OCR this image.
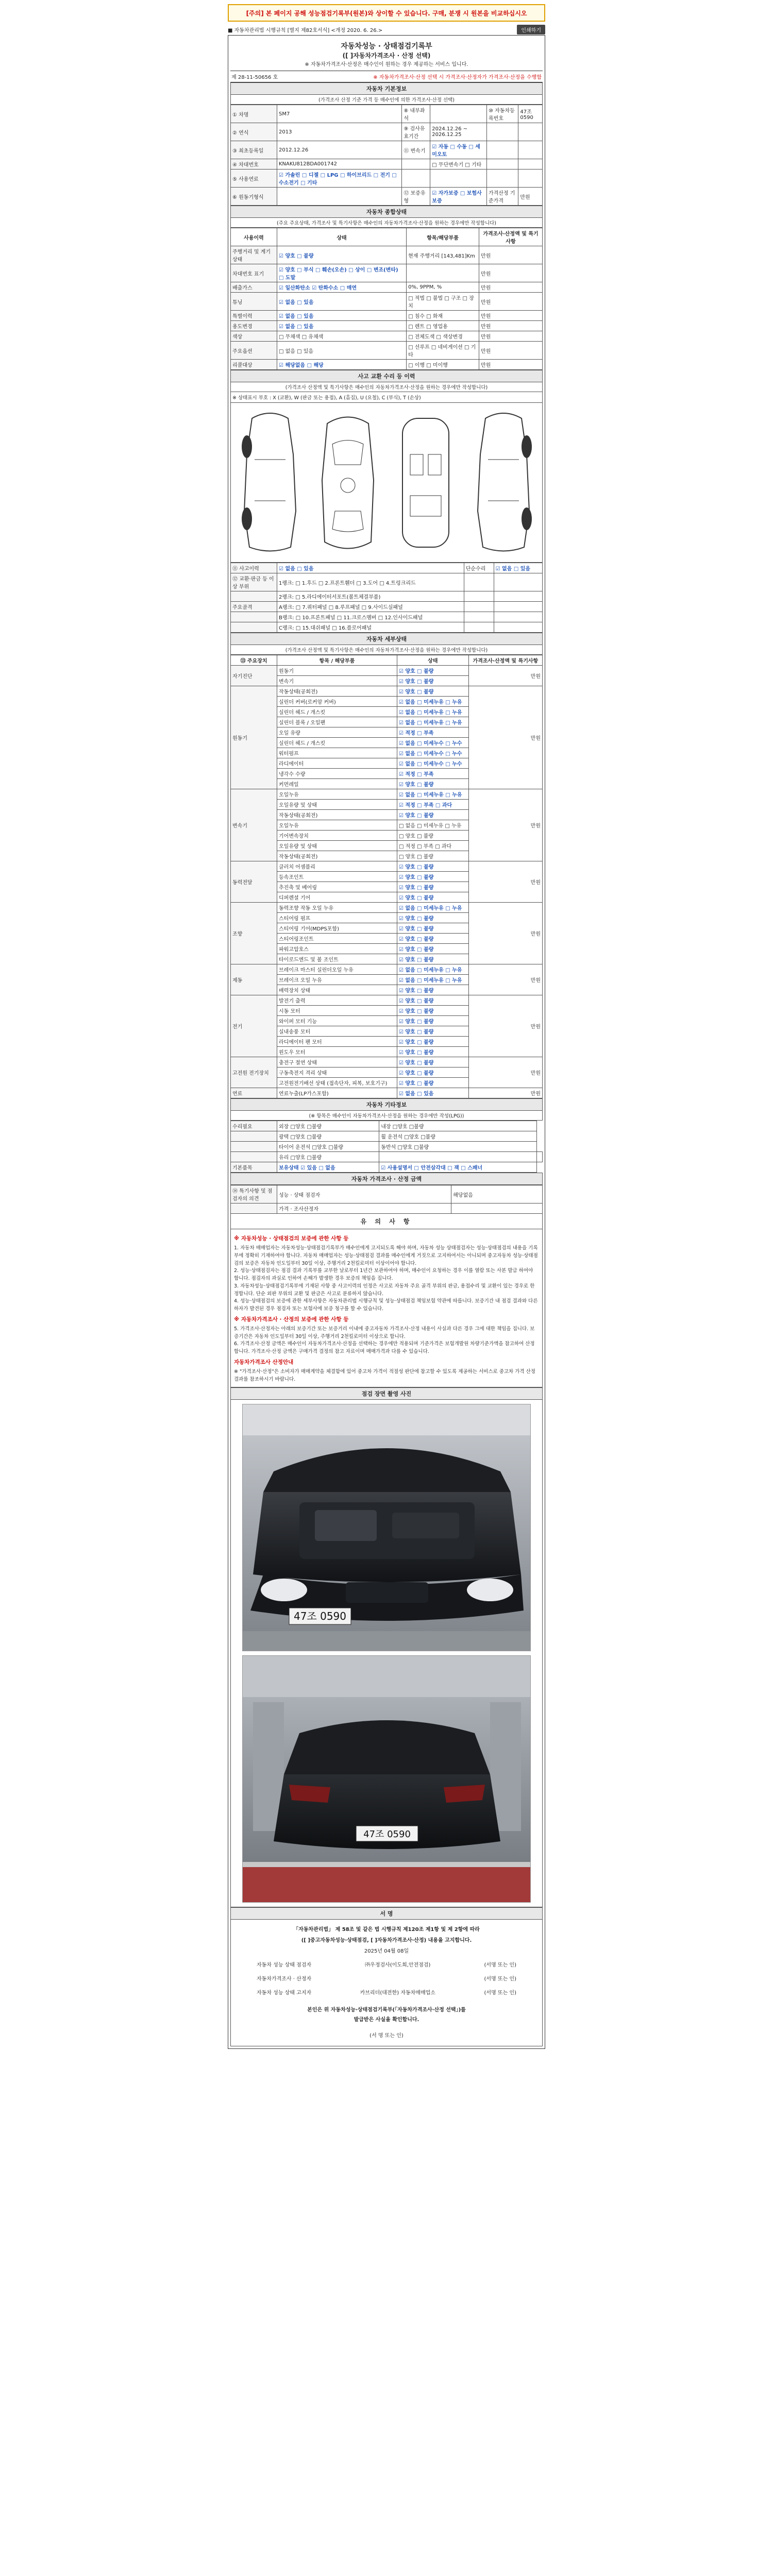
[주의] 본 페이지 공해 성능점검기록부(원본)와 상이할 수 있습니다. 구매, 분쟁 시 원본을 비교하십시오
■ 자동차관리법 시행규칙 [별지 제82호서식] <개정 2020. 6. 26.>	인쇄하기
자동차성능 · 상태점검기록부
([ ]자동차가격조사 · 산정 선택)
※ 자동차가격조사·산정은 매수인이 원하는 경우 제공하는 서비스 입니다.
제 28-11-50656 호	※ 자동차가격조사·산정 선택 시 가격조사·산정자가 가격조사·산정을 수행함
자동차 기본정보
(가격조사 산정 기준 가격 등 매수인에 의한 가격조사·산정 선택)
① 차명	SM7	⑧ 내부좌석		⑩ 자동차등록번호	47조0590
② 연식	2013	⑨ 검사유효기간	2024.12.26 ~ 2026.12.25		
③ 최초등록일	2012.12.26	⑪ 변속기	☑ 자동 □ 수동 □ 세미오토		
④ 차대번호	KNAKU812BDA001742		□ 무단변속기 □ 기타		
⑤ 사용연료	☑ 가솔린 □ 디젤 □ LPG □ 하이브리드 □ 전기 □ 수소전기 □ 기타				
⑥ 원동기형식		⑫ 보증유형	☑ 자가보증 □ 보험사보증	가격산정 기준가격	만원
자동차 종합상태
(주요 주요상태, 가격조사 및 특기사항은 매수인의 자동차가격조사·산정을 원하는 경우에만 작성합니다)
사용이력	상태	항목/해당부품	가격조사·산정액 및 특기사항
주행거리 및 계기상태	☑ 양호 □ 불량	현재 주행거리 [143,481]Km	만원
차대번호 표기	☑ 양호 □ 부식 □ 훼손(오손) □ 상이 □ 변조(변타) □ 도말		만원
배출가스	☑ 일산화탄소 ☑ 탄화수소 □ 매연	0%, 9PPM, %	만원
튜닝	☑ 없음 □ 있음	□ 적법 □ 불법 □ 구조 □ 장치	만원
특별이력	☑ 없음 □ 있음	□ 침수 □ 화재	만원
용도변경	☑ 없음 □ 있음	□ 렌트 □ 영업용	만원
색상	□ 무채색 □ 유채색	□ 전체도색 □ 색상변경	만원
주요옵션	□ 없음 □ 있음	□ 선루프 □ 네비게이션 □ 기타	만원
리콜대상	☑ 해당없음 □ 해당	□ 이행 □ 미이행	만원
사고 교환 수리 등 이력
(가격조사 산정액 및 특기사항은 매수인의 자동차가격조사·산정을 원하는 경우에만 작성합니다)
※ 상태표시 부호 : X (교환), W (판금 또는 용접), A (흠집), U (요철), C (부식), T (손상)
⑪ 사고이력	☑ 없음 □ 있음	단순수리	☑ 없음 □ 있음
⑫ 교환·판금 등 이상 부위	1랭크: □ 1.후드 □ 2.프론트휀더 □ 3.도어 □ 4.트렁크리드		
	2랭크: □ 5.라디에이터서포트(볼트체결부품)		
주요골격	A랭크: □ 7.쿼터패널 □ 8.루프패널 □ 9.사이드실패널		
	B랭크: □ 10.프론트패널 □ 11.크로스멤버 □ 12.인사이드패널		
	C랭크: □ 15.대쉬패널 □ 16.플로어패널		
자동차 세부상태
(가격조사 산정액 및 특기사항은 매수인의 자동차가격조사·산정을 원하는 경우에만 작성합니다)
⑬ 주요장치	항목 / 해당부품	상태	가격조사·산정액 및 특기사항
자기진단	원동기	☑ 양호 □ 불량	만원
	변속기	☑ 양호 □ 불량	
원동기	작동상태(공회전)	☑ 양호 □ 불량	만원
	실린더 커버(로커암 커버)	☑ 없음 □ 미세누유 □ 누유	
	실린더 헤드 / 개스킷	☑ 없음 □ 미세누유 □ 누유	
	실린더 블록 / 오일팬	☑ 없음 □ 미세누유 □ 누유	
	오일 유량	☑ 적정 □ 부족	
	실린더 헤드 / 개스킷	☑ 없음 □ 미세누수 □ 누수	
	워터펌프	☑ 없음 □ 미세누수 □ 누수	
	라디에이터	☑ 없음 □ 미세누수 □ 누수	
	냉각수 수량	☑ 적정 □ 부족	
	커먼레일	☑ 양호 □ 불량	
변속기	오일누유	☑ 없음 □ 미세누유 □ 누유	만원
	오일유량 및 상태	☑ 적정 □ 부족 □ 과다	
	작동상태(공회전)	☑ 양호 □ 불량	
	오일누유	□ 없음 □ 미세누유 □ 누유	
	기어변속장치	□ 양호 □ 불량	
	오일유량 및 상태	□ 적정 □ 부족 □ 과다	
	작동상태(공회전)	□ 양호 □ 불량	
동력전달	클러치 어셈블리	☑ 양호 □ 불량	만원
	등속조인트	☑ 양호 □ 불량	
	추진축 및 베어링	☑ 양호 □ 불량	
	디퍼렌셜 기어	☑ 양호 □ 불량	
조향	동력조향 작동 오일 누유	☑ 없음 □ 미세누유 □ 누유	만원
	스티어링 펌프	☑ 양호 □ 불량	
	스티어링 기어(MDPS포함)	☑ 양호 □ 불량	
	스티어링조인트	☑ 양호 □ 불량	
	파워고압호스	☑ 양호 □ 불량	
	타이로드엔드 및 볼 조인트	☑ 양호 □ 불량	
제동	브레이크 마스터 실린더오일 누유	☑ 없음 □ 미세누유 □ 누유	만원
	브레이크 오일 누유	☑ 없음 □ 미세누유 □ 누유	
	배력장치 상태	☑ 양호 □ 불량	
전기	발전기 출력	☑ 양호 □ 불량	만원
	시동 모터	☑ 양호 □ 불량	
	와이퍼 모터 기능	☑ 양호 □ 불량	
	실내송풍 모터	☑ 양호 □ 불량	
	라디에이터 팬 모터	☑ 양호 □ 불량	
	윈도우 모터	☑ 양호 □ 불량	
고전원 전기장치	충전구 절연 상태	☑ 양호 □ 불량	만원
	구동축전지 격리 상태	☑ 양호 □ 불량	
	고전원전기배선 상태 (접속단자, 피복, 보호기구)	☑ 양호 □ 불량	
연료	연료누출(LP가스포함)	☑ 없음 □ 있음	만원
자동차 기타정보
(※ 항목은 매수인이 자동차가격조사·산정을 원하는 경우에만 작성(LPG))
수리필요	외장 □양호 □불량	내장 □양호 □불량	
	광택 □양호 □불량	휠 운전석 □양호 □불량	
	타이어 운전석 □양호 □불량	동반석 □양호 □불량	
	유리 □양호 □불량		
기본품목	보유상태 ☑ 있음 □ 없음	☑ 사용설명서 □ 안전삼각대 □ 잭 □ 스패너	
자동차 가격조사 · 산정 금액
⑭ 특기사항 및 점검자의 의견	성능 · 상태 점검자	해당없음
	가격 · 조사산정자	
유 의 사 항
※ 자동차성능 · 상태점검의 보증에 관한 사항 등

1. 자동차 매매업자는 자동차성능·상태점검기록부가 매수인에게 고지되도록 해야 하며, 자동차 성능 상태점검자는 성능·상태점검의 내용을 기록부에 정확히 기재하여야 합니다. 자동차 매매업자는 성능·상태점검 결과를 매수인에게 거짓으로 고지하여서는 아니되며 중고자동차 성능·상태점검의 보증은 자동차 인도일부터 30일 이상, 주행거리 2천킬로미터 이상이어야 합니다.

2. 성능·상태점검자는 점검 결과 기록부를 교부한 날로부터 1년간 보관하여야 하며, 매수인이 요청하는 경우 이를 열람 또는 사본 발급 하여야 합니다. 점검자의 과실로 인하여 손해가 발생한 경우 보증의 책임을 집니다.

3. 자동차성능·상태점검기록부에 기재된 사항 중 사고이력의 인정은 사고로 자동차 주요 골격 부위의 판금, 용접수리 및 교환이 있는 경우로 한정합니다. 단순 외판 부위의 교환 및 판금은 사고로 분류하지 않습니다.

4. 성능·상태점검의 보증에 관한 세부사항은 자동차관리법 시행규칙 및 성능·상태점검 책임보험 약관에 따릅니다. 보증기간 내 점검 결과와 다른 하자가 발견된 경우 점검자 또는 보험사에 보증 청구를 할 수 있습니다.

※ 자동차가격조사 · 산정의 보증에 관한 사항 등

5. 가격조사·산정자는 아래의 보증기간 또는 보증거리 이내에 중고자동차 가격조사·산정 내용이 사실과 다른 경우 그에 대한 책임을 집니다. 보증기간은 자동차 인도일부터 30일 이상, 주행거리 2천킬로미터 이상으로 합니다.

6. 가격조사·산정 금액은 매수인이 자동차가격조사·산정을 선택하는 경우에만 적용되며 기준가격은 보험개발원 차량기준가액을 참고하여 산정합니다. 가격조사·산정 금액은 구매가격 결정의 참고 자료이며 매매가격과 다를 수 있습니다.

자동차가격조사 산정안내

※ "가격조사·산정"은 소비자가 매매계약을 체결함에 있어 중고차 가격이 적절성 판단에 참고할 수 있도록 제공하는 서비스로 중고차 가격 산정 결과를 참조하시기 바랍니다.

점검 장면 촬영 사진
47조 0590
47조 0590
서 명
「자동차관리법」 제 58조 및 같은 법 시행규칙 제120조 제1항 및 제 2항에 따라
([ ]중고자동차성능·상태점검, [ ]자동차가격조사·산정) 내용을 고지합니다.
2025년 04월 08일
자동차 성능 상태 점검자	㈜우정검사(이도희,안전점검)	(서명 또는 인)
자동차가격조사 · 산정자	(서명 또는 인)
자동차 성능 상태 고지자	카브리더(대전한) 자동차매매업소	(서명 또는 인)
본인은 위 자동차성능·상태점검기록부(「자동차가격조사·산정 선택」)를
발급받은 사실을 확인합니다.
(서 명 또는 인)
